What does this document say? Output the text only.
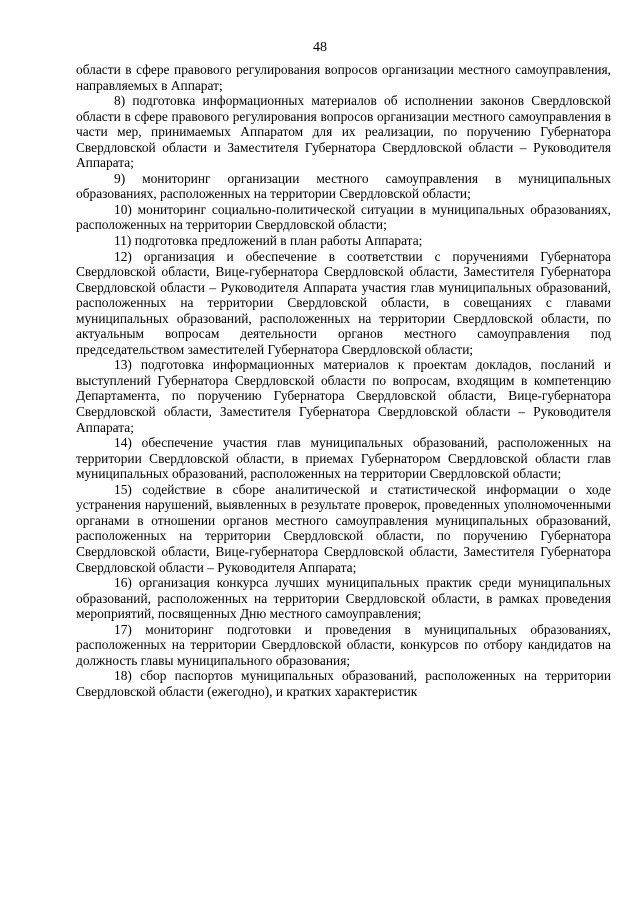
48

области в сфере правового регулирования вопросов организации местного самоуправления, направляемых в Аппарат;

8) подготовка информационных материалов об исполнении законов Свердловской области в сфере правового регулирования вопросов организации местного самоуправления в части мер, принимаемых Аппаратом для их реализации, по поручению Губернатора Свердловской области и Заместителя Губернатора Свердловской области – Руководителя Аппарата;

9) мониторинг организации местного самоуправления в муниципальных образованиях, расположенных на территории Свердловской области;

10) мониторинг социально-политической ситуации в муниципальных образованиях, расположенных на территории Свердловской области;

11) подготовка предложений в план работы Аппарата;

12) организация и обеспечение в соответствии с поручениями Губернатора Свердловской области, Вице-губернатора Свердловской области, Заместителя Губернатора Свердловской области – Руководителя Аппарата участия глав муниципальных образований, расположенных на территории Свердловской области, в совещаниях с главами муниципальных образований, расположенных на территории Свердловской области, по актуальным вопросам деятельности органов местного самоуправления под председательством заместителей Губернатора Свердловской области;

13) подготовка информационных материалов к проектам докладов, посланий и выступлений Губернатора Свердловской области по вопросам, входящим в компетенцию Департамента, по поручению Губернатора Свердловской области, Вице-губернатора Свердловской области, Заместителя Губернатора Свердловской области – Руководителя Аппарата;

14) обеспечение участия глав муниципальных образований, расположенных на территории Свердловской области, в приемах Губернатором Свердловской области глав муниципальных образований, расположенных на территории Свердловской области;

15) содействие в сборе аналитической и статистической информации о ходе устранения нарушений, выявленных в результате проверок, проведенных уполномоченными органами в отношении органов местного самоуправления муниципальных образований, расположенных на территории Свердловской области, по поручению Губернатора Свердловской области, Вице-губернатора Свердловской области, Заместителя Губернатора Свердловской области – Руководителя Аппарата;

16) организация конкурса лучших муниципальных практик среди муниципальных образований, расположенных на территории Свердловской области, в рамках проведения мероприятий, посвященных Дню местного самоуправления;

17) мониторинг подготовки и проведения в муниципальных образованиях, расположенных на территории Свердловской области, конкурсов по отбору кандидатов на должность главы муниципального образования;

18) сбор паспортов муниципальных образований, расположенных на территории Свердловской области (ежегодно), и кратких характеристик
